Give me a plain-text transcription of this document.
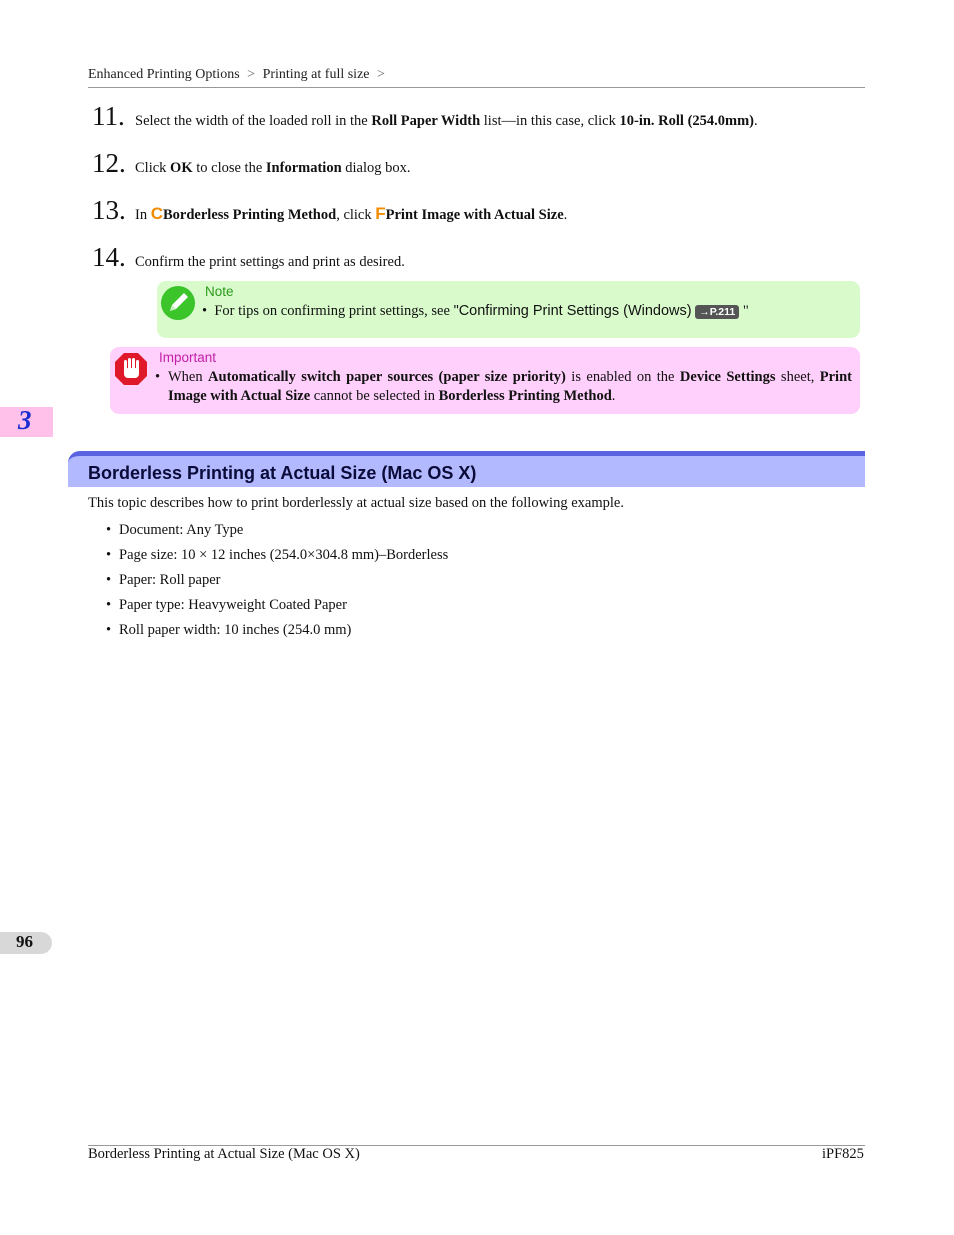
Enhanced Printing Options > Printing at full size >
11. Select the width of the loaded roll in the Roll Paper Width list—in this case, click 10-in. Roll (254.0mm).
12. Click OK to close the Information dialog box.
13. In CBorderless Printing Method, click FPrint Image with Actual Size.
14. Confirm the print settings and print as desired.
Note
•  For tips on confirming print settings, see "Confirming Print Settings (Windows) →P.211 "
Important
• When Automatically switch paper sources (paper size priority) is enabled on the Device Settings sheet, Print Image with Actual Size cannot be selected in Borderless Printing Method.
3
Borderless Printing at Actual Size (Mac OS X)
This topic describes how to print borderlessly at actual size based on the following example.
• Document: Any Type
• Page size: 10 × 12 inches (254.0×304.8 mm)–Borderless
• Paper: Roll paper
• Paper type: Heavyweight Coated Paper
• Roll paper width: 10 inches (254.0 mm)
96
Borderless Printing at Actual Size (Mac OS X)	iPF825
